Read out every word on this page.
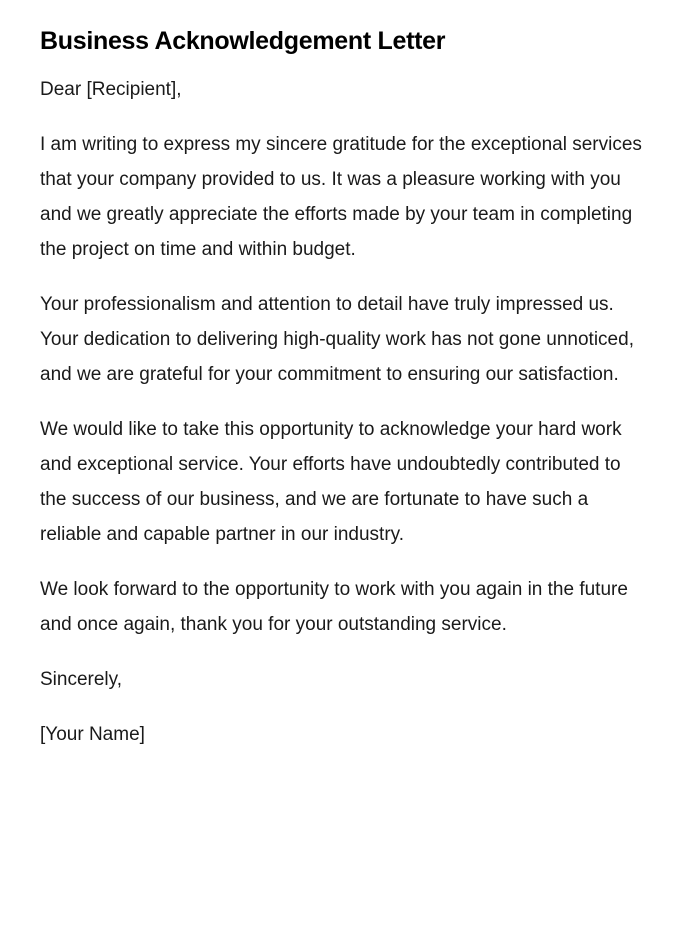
Business Acknowledgement Letter

Dear [Recipient],

I am writing to express my sincere gratitude for the exceptional services that your company provided to us. It was a pleasure working with you and we greatly appreciate the efforts made by your team in completing the project on time and within budget.

Your professionalism and attention to detail have truly impressed us. Your dedication to delivering high-quality work has not gone unnoticed, and we are grateful for your commitment to ensuring our satisfaction.

We would like to take this opportunity to acknowledge your hard work and exceptional service. Your efforts have undoubtedly contributed to the success of our business, and we are fortunate to have such a reliable and capable partner in our industry.

We look forward to the opportunity to work with you again in the future and once again, thank you for your outstanding service.

Sincerely,

[Your Name]
